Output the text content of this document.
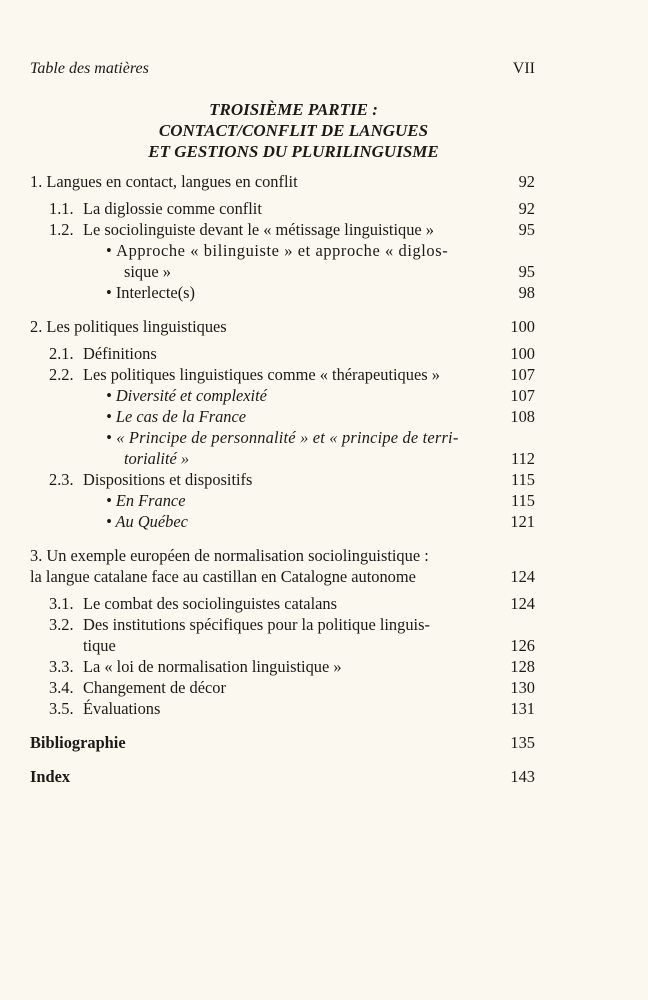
Table des matières	VII
TROISIÈME PARTIE :
CONTACT/CONFLIT DE LANGUES
ET GESTIONS DU PLURILINGUISME
1. Langues en contact, langues en conflit	92
1.1. La diglossie comme conflit	92
1.2. Le sociolinguiste devant le « métissage linguistique »	95
• Approche « bilinguiste » et approche « diglos-
sique »	95
• Interlecte(s)	98
2. Les politiques linguistiques	100
2.1. Définitions	100
2.2. Les politiques linguistiques comme « thérapeutiques »	107
• Diversité et complexité	107
• Le cas de la France	108
• « Principe de personnalité » et « principe de terri-
torialité »	112
2.3. Dispositions et dispositifs	115
• En France	115
• Au Québec	121
3. Un exemple européen de normalisation sociolinguistique :
la langue catalane face au castillan en Catalogne autonome	124
3.1. Le combat des sociolinguistes catalans	124
3.2. Des institutions spécifiques pour la politique linguis-
tique	126
3.3. La « loi de normalisation linguistique »	128
3.4. Changement de décor	130
3.5. Évaluations	131
Bibliographie	135
Index	143
